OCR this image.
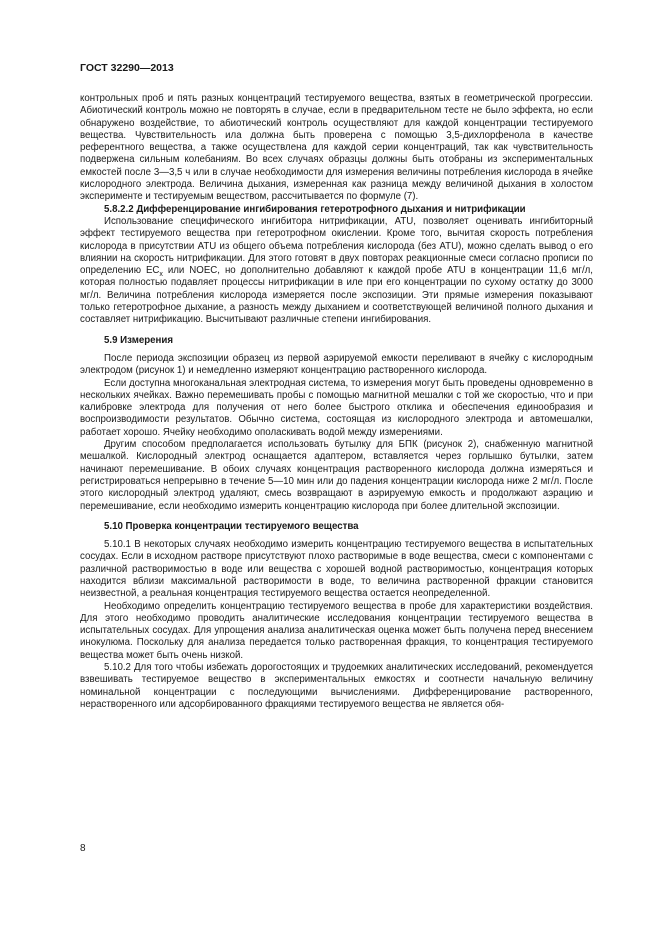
ГОСТ 32290—2013

контрольных проб и пять разных концентраций тестируемого вещества, взятых в геометрической прогрессии. Абиотический контроль можно не повторять в случае, если в предварительном тесте не было эффекта, но если обнаружено воздействие, то абиотический контроль осуществляют для каждой концентрации тестируемого вещества. Чувствительность ила должна быть проверена с помощью 3,5-дихлорфенола в качестве референтного вещества, а также осуществлена для каждой серии концентраций, так как чувствительность подвержена сильным колебаниям. Во всех случаях образцы должны быть отобраны из экспериментальных емкостей после 3—3,5 ч или в случае необходимости для измерения величины потребления кислорода в ячейке кислородного электрода. Величина дыхания, измеренная как разница между величиной дыхания в холостом эксперименте и тестируемым веществом, рассчитывается по формуле (7).

5.8.2.2 Дифференцирование ингибирования гетеротрофного дыхания и нитрификации

Использование специфического ингибитора нитрификации, ATU, позволяет оценивать ингибиторный эффект тестируемого вещества при гетеротрофном окислении. Кроме того, вычитая скорость потребления кислорода в присутствии ATU из общего объема потребления кислорода (без ATU), можно сделать вывод о его влиянии на скорость нитрификации. Для этого готовят в двух повторах реакционные смеси согласно прописи по определению $EC_x$ или NOEC, но дополнительно добавляют к каждой пробе ATU в концентрации 11,6 мг/л, которая полностью подавляет процессы нитрификации в иле при его концентрации по сухому остатку до 3000 мг/л. Величина потребления кислорода измеряется после экспозиции. Эти прямые измерения показывают только гетеротрофное дыхание, а разность между дыханием и соответствующей величиной полного дыхания и составляет нитрификацию. Высчитывают различные степени ингибирования.

5.9 Измерения

После периода экспозиции образец из первой аэрируемой емкости переливают в ячейку с кислородным электродом (рисунок 1) и немедленно измеряют концентрацию растворенного кислорода.

Если доступна многоканальная электродная система, то измерения могут быть проведены одновременно в нескольких ячейках. Важно перемешивать пробы с помощью магнитной мешалки с той же скоростью, что и при калибровке электрода для получения от него более быстрого отклика и обеспечения единообразия и воспроизводимости результатов. Обычно система, состоящая из кислородного электрода и автомешалки, работает хорошо. Ячейку необходимо ополаскивать водой между измерениями.

Другим способом предполагается использовать бутылку для БПК (рисунок 2), снабженную магнитной мешалкой. Кислородный электрод оснащается адаптером, вставляется через горлышко бутылки, затем начинают перемешивание. В обоих случаях концентрация растворенного кислорода должна измеряться и регистрироваться непрерывно в течение 5—10 мин или до падения концентрации кислорода ниже 2 мг/л. После этого кислородный электрод удаляют, смесь возвращают в аэрируемую емкость и продолжают аэрацию и перемешивание, если необходимо измерить концентрацию кислорода при более длительной экспозиции.

5.10 Проверка концентрации тестируемого вещества

5.10.1 В некоторых случаях необходимо измерить концентрацию тестируемого вещества в испытательных сосудах. Если в исходном растворе присутствуют плохо растворимые в воде вещества, смеси с компонентами с различной растворимостью в воде или вещества с хорошей водной растворимостью, концентрация которых находится вблизи максимальной растворимости в воде, то величина растворенной фракции становится неизвестной, а реальная концентрация тестируемого вещества остается неопределенной.

Необходимо определить концентрацию тестируемого вещества в пробе для характеристики воздействия. Для этого необходимо проводить аналитические исследования концентрации тестируемого вещества в испытательных сосудах. Для упрощения анализа аналитическая оценка может быть получена перед внесением инокулюма. Поскольку для анализа передается только растворенная фракция, то концентрация тестируемого вещества может быть очень низкой.

5.10.2 Для того чтобы избежать дорогостоящих и трудоемких аналитических исследований, рекомендуется взвешивать тестируемое вещество в экспериментальных емкостях и соотнести начальную величину номинальной концентрации с последующими вычислениями. Дифференцирование растворенного, нерастворенного или адсорбированного фракциями тестируемого вещества не является обя-

8
